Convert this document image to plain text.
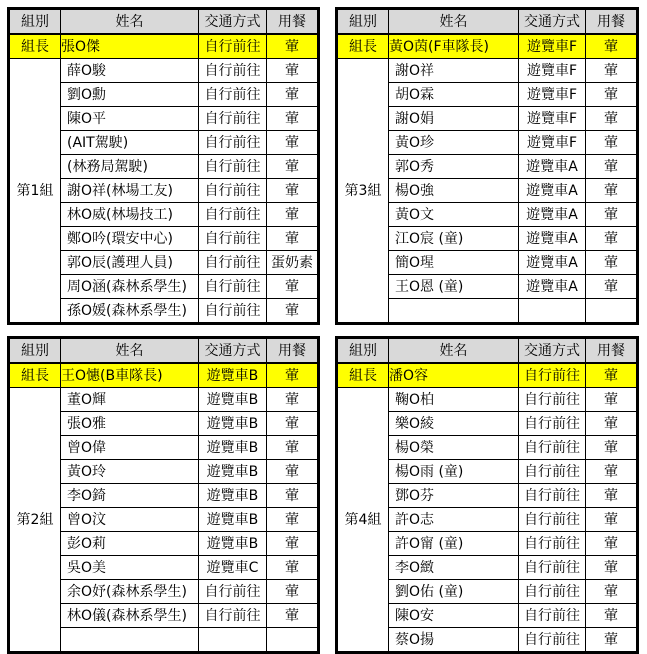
組別	姓名	交通方式	用餐
組長	張O傑	自行前往	葷
第1組	薛O駿	自行前往	葷
	劉O勳	自行前往	葷
	陳O平	自行前往	葷
	(AIT駕駛)	自行前往	葷
	(林務局駕駛)	自行前往	葷
	謝O祥(林場工友)	自行前往	葷
	林O威(林場技工)	自行前往	葷
	鄭O吟(環安中心)	自行前往	葷
	郭O辰(護理人員)	自行前往	蛋奶素
	周O涵(森林系學生)	自行前往	葷
	孫O媛(森林系學生)	自行前往	葷
組別	姓名	交通方式	用餐
組長	黃O茵(F車隊長)	遊覽車F	葷
第3組	謝O祥	遊覽車F	葷
	胡O霖	遊覽車F	葷
	謝O娟	遊覽車F	葷
	黃O珍	遊覽車F	葷
	郭O秀	遊覽車A	葷
	楊O強	遊覽車A	葷
	黃O文	遊覽車A	葷
	江O宸 (童)	遊覽車A	葷
	簡O瑆	遊覽車A	葷
	王O恩 (童)	遊覽車A	葷

組別	姓名	交通方式	用餐
組長	王O憓(B車隊長)	遊覽車B	葷
第2組	董O輝	遊覽車B	葷
	張O雅	遊覽車B	葷
	曾O偉	遊覽車B	葷
	黃O玲	遊覽車B	葷
	李O錡	遊覽車B	葷
	曾O汶	遊覽車B	葷
	彭O莉	遊覽車B	葷
	吳O美	遊覽車C	葷
	余O妤(森林系學生)	自行前往	葷
	林O儀(森林系學生)	自行前往	葷

組別	姓名	交通方式	用餐
組長	潘O容	自行前往	葷
第4組	鞠O柏	自行前往	葷
	樂O綾	自行前往	葷
	楊O榮	自行前往	葷
	楊O雨 (童)	自行前往	葷
	鄧O芬	自行前往	葷
	許O志	自行前往	葷
	許O甯 (童)	自行前往	葷
	李O緻	自行前往	葷
	劉O佑 (童)	自行前往	葷
	陳O安	自行前往	葷
	蔡O揚	自行前往	葷
